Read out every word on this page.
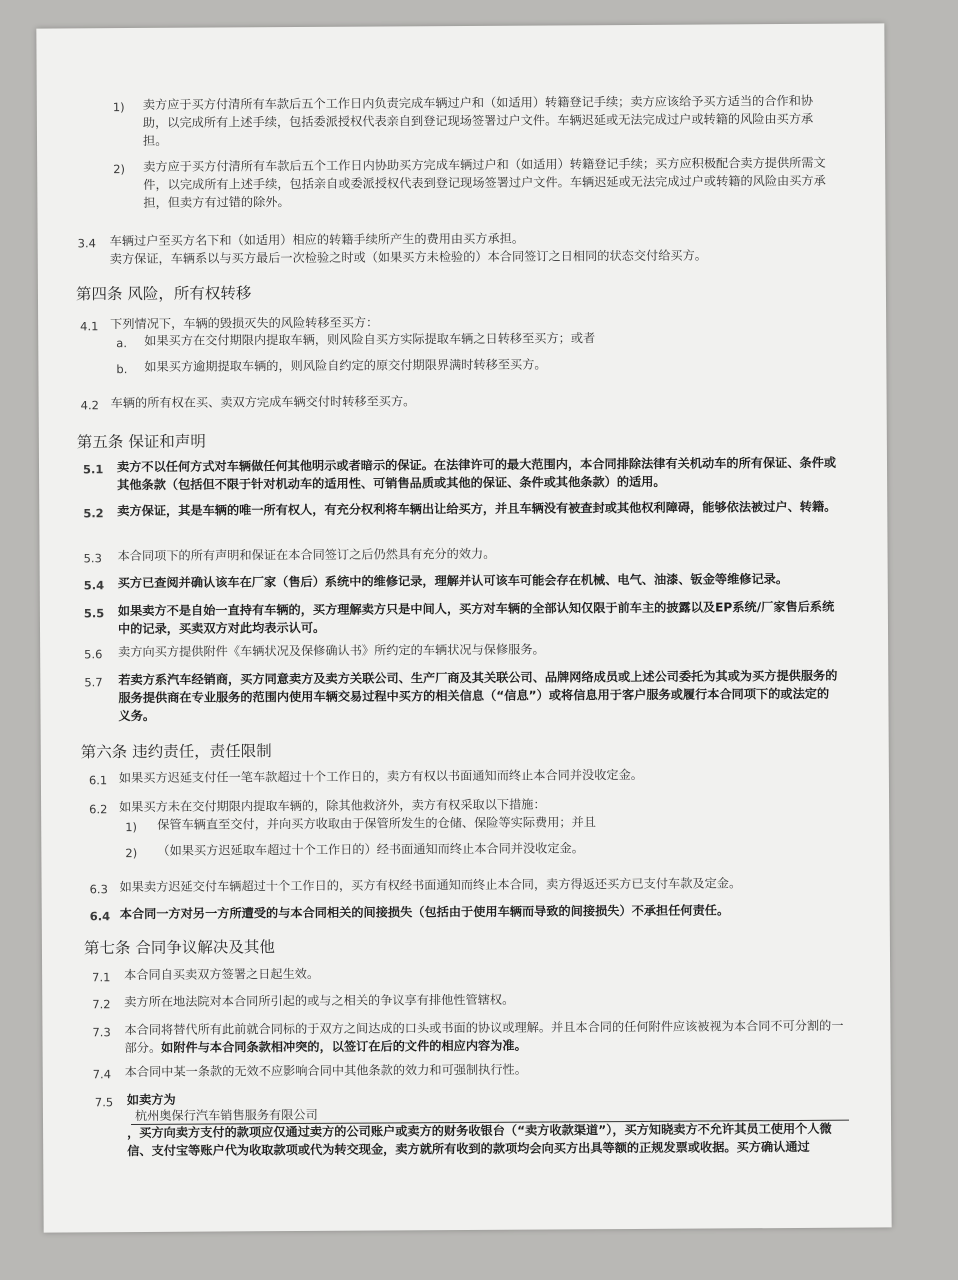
1) 卖方应于买方付清所有车款后五个工作日内负责完成车辆过户和（如适用）转籍登记手续；卖方应该给予买方适当的合作和协助，以完成所有上述手续，包括委派授权代表亲自到登记现场签署过户文件。车辆迟延或无法完成过户或转籍的风险由买方承担。
2) 卖方应于买方付清所有车款后五个工作日内协助买方完成车辆过户和（如适用）转籍登记手续；买方应积极配合卖方提供所需文件，以完成所有上述手续，包括亲自或委派授权代表到登记现场签署过户文件。车辆迟延或无法完成过户或转籍的风险由买方承担，但卖方有过错的除外。
3.4 车辆过户至买方名下和（如适用）相应的转籍手续所产生的费用由买方承担。
卖方保证，车辆系以与买方最后一次检验之时或（如果买方未检验的）本合同签订之日相同的状态交付给买方。
第四条 风险，所有权转移
4.1 下列情况下，车辆的毁损灭失的风险转移至买方：
a. 如果买方在交付期限内提取车辆，则风险自买方实际提取车辆之日转移至买方；或者
b. 如果买方逾期提取车辆的，则风险自约定的原交付期限界满时转移至买方。
4.2 车辆的所有权在买、卖双方完成车辆交付时转移至买方。
第五条 保证和声明
5.1 卖方不以任何方式对车辆做任何其他明示或者暗示的保证。在法律许可的最大范围内，本合同排除法律有关机动车的所有保证、条件或其他条款（包括但不限于针对机动车的适用性、可销售品质或其他的保证、条件或其他条款）的适用。
5.2 卖方保证，其是车辆的唯一所有权人，有充分权利将车辆出让给买方，并且车辆没有被查封或其他权利障碍，能够依法被过户、转籍。
5.3 本合同项下的所有声明和保证在本合同签订之后仍然具有充分的效力。
5.4 买方已查阅并确认该车在厂家（售后）系统中的维修记录，理解并认可该车可能会存在机械、电气、油漆、钣金等维修记录。
5.5 如果卖方不是自始一直持有车辆的，买方理解卖方只是中间人，买方对车辆的全部认知仅限于前车主的披露以及EP系统/厂家售后系统中的记录，买卖双方对此均表示认可。
5.6 卖方向买方提供附件《车辆状况及保修确认书》所约定的车辆状况与保修服务。
5.7 若卖方系汽车经销商，买方同意卖方及卖方关联公司、生产厂商及其关联公司、品牌网络成员或上述公司委托为其或为买方提供服务的服务提供商在专业服务的范围内使用车辆交易过程中买方的相关信息（“信息”）或将信息用于客户服务或履行本合同项下的或法定的义务。
第六条 违约责任，责任限制
6.1 如果买方迟延支付任一笔车款超过十个工作日的，卖方有权以书面通知而终止本合同并没收定金。
6.2 如果买方未在交付期限内提取车辆的，除其他救济外，卖方有权采取以下措施：
1) 保管车辆直至交付，并向买方收取由于保管所发生的仓储、保险等实际费用；并且
2) （如果买方迟延取车超过十个工作日的）经书面通知而终止本合同并没收定金。
6.3 如果卖方迟延交付车辆超过十个工作日的，买方有权经书面通知而终止本合同，卖方得返还买方已支付车款及定金。
6.4 本合同一方对另一方所遭受的与本合同相关的间接损失（包括由于使用车辆而导致的间接损失）不承担任何责任。
第七条 合同争议解决及其他
7.1 本合同自买卖双方签署之日起生效。
7.2 卖方所在地法院对本合同所引起的或与之相关的争议享有排他性管辖权。
7.3 本合同将替代所有此前就合同标的于双方之间达成的口头或书面的协议或理解。并且本合同的任何附件应该被视为本合同不可分割的一部分。如附件与本合同条款相冲突的，以签订在后的文件的相应内容为准。
7.4 本合同中某一条款的无效不应影响合同中其他条款的效力和可强制执行性。
7.5 如卖方为
杭州奥保行汽车销售服务有限公司
，买方向卖方支付的款项应仅通过卖方的公司账户或卖方的财务收银台（“卖方收款渠道”），买方知晓卖方不允许其员工使用个人微信、支付宝等账户代为收取款项或代为转交现金，卖方就所有收到的款项均会向买方出具等额的正规发票或收据。买方确认通过
